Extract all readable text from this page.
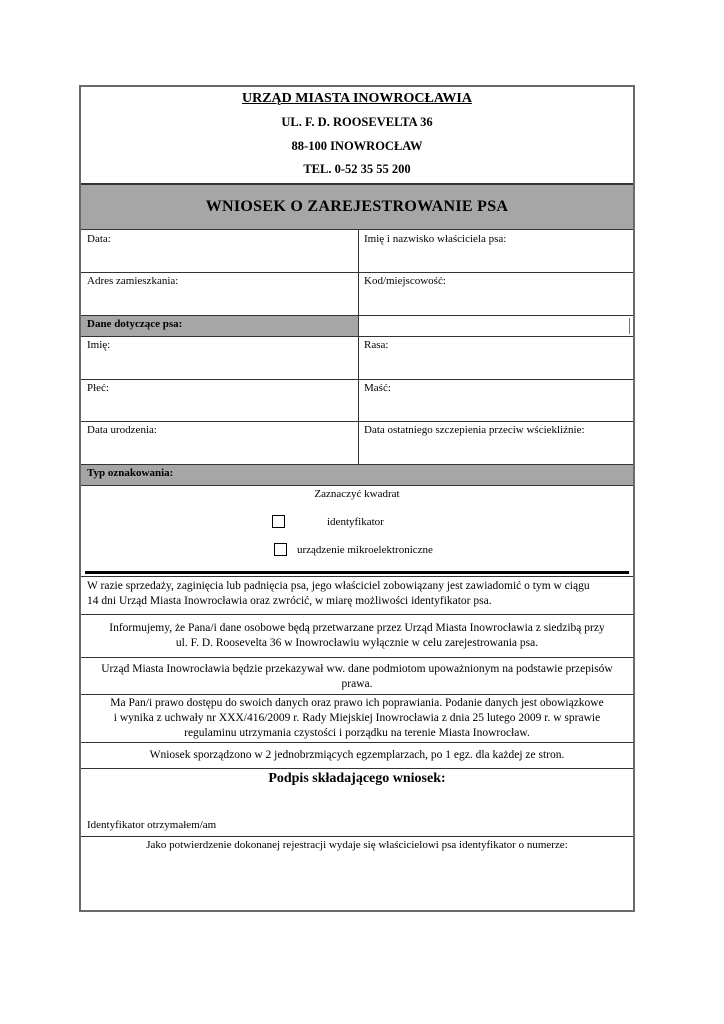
URZĄD MIASTA INOWROCŁAWIA
UL. F. D. ROOSEVELTA 36
88-100 INOWROCŁAW
TEL. 0-52 35 55 200
WNIOSEK O ZAREJESTROWANIE PSA
Data:	Imię i nazwisko właściciela psa:
Adres zamieszkania:	Kod/miejscowość:
Dane dotyczące psa:
Imię:	Rasa:
Płeć:	Maść:
Data urodzenia:	Data ostatniego szczepienia przeciw wściekliźnie:
Typ oznakowania:
Zaznaczyć kwadrat
identyfikator
urządzenie mikroelektroniczne
W razie sprzedaży, zaginięcia lub padnięcia psa, jego właściciel zobowiązany jest zawiadomić o tym w ciągu
14 dni Urząd Miasta Inowrocławia oraz zwrócić, w miarę możliwości identyfikator psa.
Informujemy, że Pana/i dane osobowe będą przetwarzane przez Urząd Miasta Inowrocławia z siedzibą przy
ul. F. D. Roosevelta 36 w Inowrocławiu wyłącznie w celu zarejestrowania psa.
Urząd Miasta Inowrocławia będzie przekazywał ww. dane podmiotom upoważnionym na podstawie przepisów
prawa.
Ma Pan/i prawo dostępu do swoich danych oraz prawo ich poprawiania. Podanie danych jest obowiązkowe
i wynika z uchwały nr XXX/416/2009 r. Rady Miejskiej Inowrocławia z dnia 25 lutego 2009 r. w sprawie
regulaminu utrzymania czystości i porządku na terenie Miasta Inowrocław.
Wniosek sporządzono w 2 jednobrzmiących egzemplarzach, po 1 egz. dla każdej ze stron.
Podpis składającego wniosek:
Identyfikator otrzymałem/am
Jako potwierdzenie dokonanej rejestracji wydaje się właścicielowi psa identyfikator o numerze:
